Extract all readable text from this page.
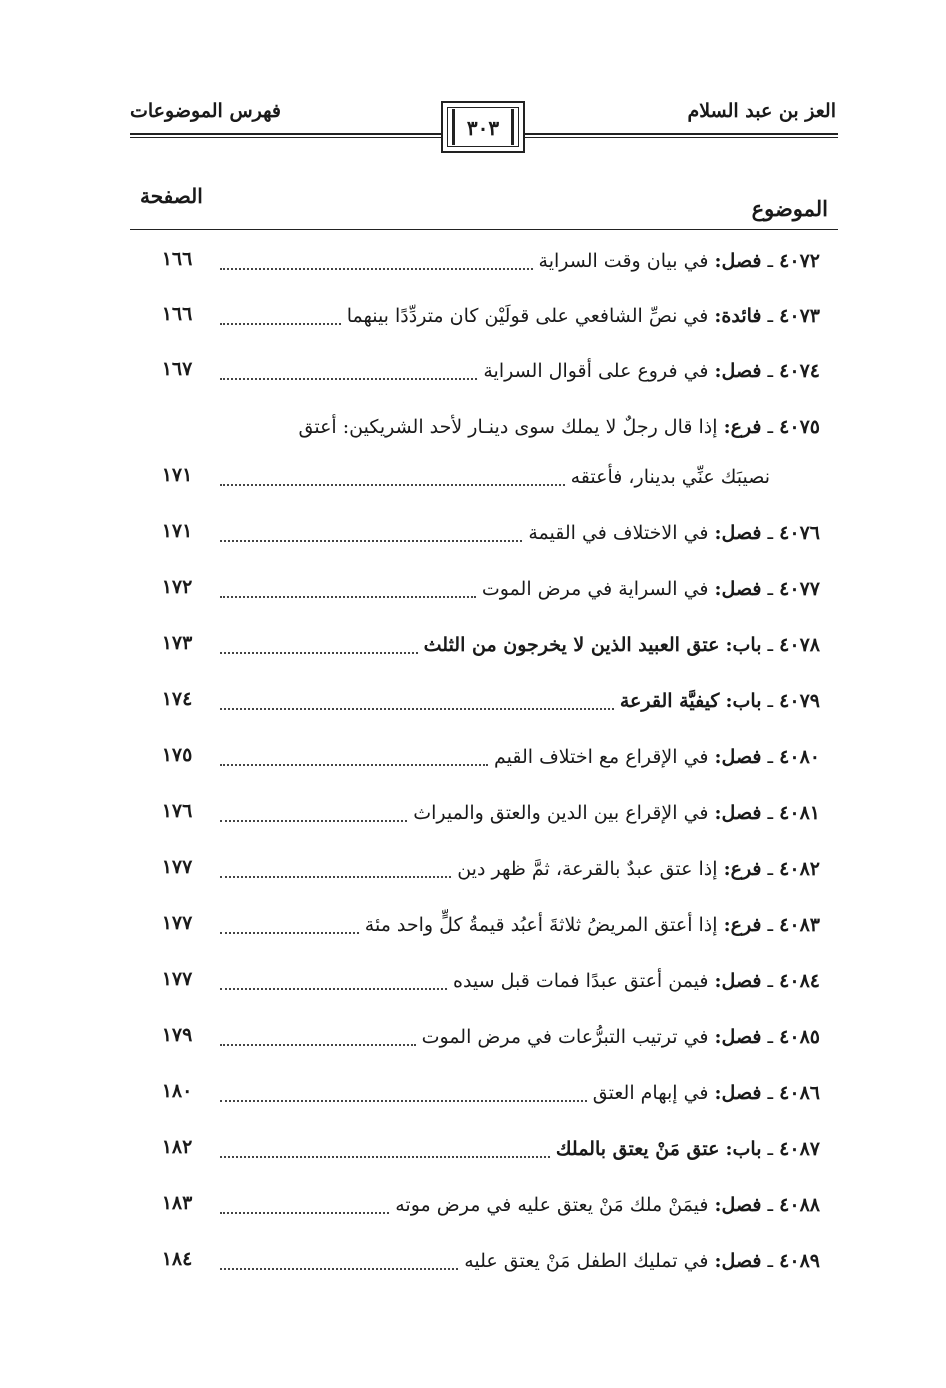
العز بن عبد السلام
فهرس الموضوعات
٣٠٣
الموضوع
الصفحة
١٦٦	٤٠٧٢ ـ فصل: في بيان وقت السراية
١٦٦	٤٠٧٣ ـ فائدة: في نصِّ الشافعي على قولَيْن كان متردِّدًا بينهما
١٦٧	٤٠٧٤ ـ فصل: في فروع على أقوال السراية
٤٠٧٥ ـ فرع: إذا قال رجلٌ لا يملك سوى دينـار لأحد الشريكين: أعتق
١٧١	نصيبَك عنِّي بدينار، فأعتقه
١٧١	٤٠٧٦ ـ فصل: في الاختلاف في القيمة
١٧٢	٤٠٧٧ ـ فصل: في السراية في مرض الموت
١٧٣	٤٠٧٨ ـ باب: عتق العبيد الذين لا يخرجون من الثلث
١٧٤	٤٠٧٩ ـ باب: كيفيَّة القرعة
١٧٥	٤٠٨٠ ـ فصل: في الإقراع مع اختلاف القيم
١٧٦	٤٠٨١ ـ فصل: في الإقراع بين الدين والعتق والميراث
١٧٧	٤٠٨٢ ـ فرع: إذا عتق عبدٌ بالقرعة، ثمَّ ظهر دين
١٧٧	٤٠٨٣ ـ فرع: إذا أعتق المريضُ ثلاثةَ أعبُد قيمةُ كلٍّ واحد مئة
١٧٧	٤٠٨٤ ـ فصل: فيمن أعتق عبدًا فمات قبل سيده
١٧٩	٤٠٨٥ ـ فصل: في ترتيب التبرُّعات في مرض الموت
١٨٠	٤٠٨٦ ـ فصل: في إبهام العتق
١٨٢	٤٠٨٧ ـ باب: عتق مَنْ يعتق بالملك
١٨٣	٤٠٨٨ ـ فصل: فيمَنْ ملك مَنْ يعتق عليه في مرض موته
١٨٤	٤٠٨٩ ـ فصل: في تمليك الطفل مَنْ يعتق عليه
